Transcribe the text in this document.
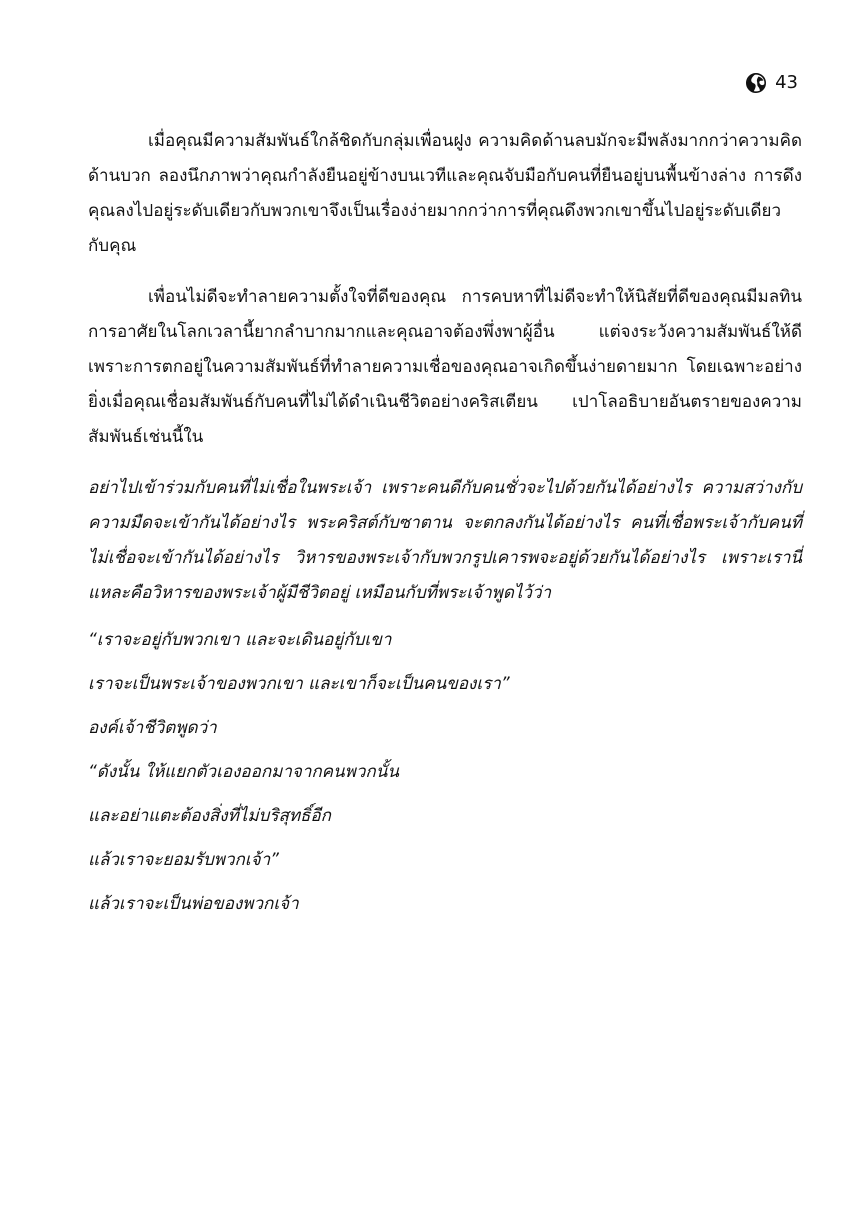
43

เมื่อคุณมีความสัมพันธ์ใกล้ชิดกับกลุ่มเพื่อนฝูง ความคิดด้านลบมักจะมีพลังมากกว่าความคิดด้านบวก ลองนึกภาพว่าคุณกำลังยืนอยู่ข้างบนเวทีและคุณจับมือกับคนที่ยืนอยู่บนพื้นข้างล่าง การดึงคุณลงไปอยู่ระดับเดียวกับพวกเขาจึงเป็นเรื่องง่ายมากกว่าการที่คุณดึงพวกเขาขึ้นไปอยู่ระดับเดียวกับคุณ

เพื่อนไม่ดีจะทำลายความตั้งใจที่ดีของคุณ การคบหาที่ไม่ดีจะทำให้นิสัยที่ดีของคุณมีมลทิน การอาศัยในโลกเวลานี้ยากลำบากมากและคุณอาจต้องพึ่งพาผู้อื่น แต่จงระวังความสัมพันธ์ให้ดี เพราะการตกอยู่ในความสัมพันธ์ที่ทำลายความเชื่อของคุณอาจเกิดขึ้นง่ายดายมาก โดยเฉพาะอย่างยิ่งเมื่อคุณเชื่อมสัมพันธ์กับคนที่ไม่ได้ดำเนินชีวิตอย่างคริสเตียน เปาโลอธิบายอันตรายของความสัมพันธ์เช่นนี้ใน

อย่าไปเข้าร่วมกับคนที่ไม่เชื่อในพระเจ้า เพราะคนดีกับคนชั่วจะไปด้วยกันได้อย่างไร ความสว่างกับความมืดจะเข้ากันได้อย่างไร พระคริสต์กับซาตาน จะตกลงกันได้อย่างไร คนที่เชื่อพระเจ้ากับคนที่ไม่เชื่อจะเข้ากันได้อย่างไร วิหารของพระเจ้ากับพวกรูปเคารพจะอยู่ด้วยกันได้อย่างไร เพราะเรานี่แหละคือวิหารของพระเจ้าผู้มีชีวิตอยู่ เหมือนกับที่พระเจ้าพูดไว้ว่า

“เราจะอยู่กับพวกเขา และจะเดินอยู่กับเขา

เราจะเป็นพระเจ้าของพวกเขา และเขาก็จะเป็นคนของเรา”

องค์เจ้าชีวิตพูดว่า

“ดังนั้น ให้แยกตัวเองออกมาจากคนพวกนั้น

และอย่าแตะต้องสิ่งที่ไม่บริสุทธิ์อีก

แล้วเราจะยอมรับพวกเจ้า”

แล้วเราจะเป็นพ่อของพวกเจ้า
